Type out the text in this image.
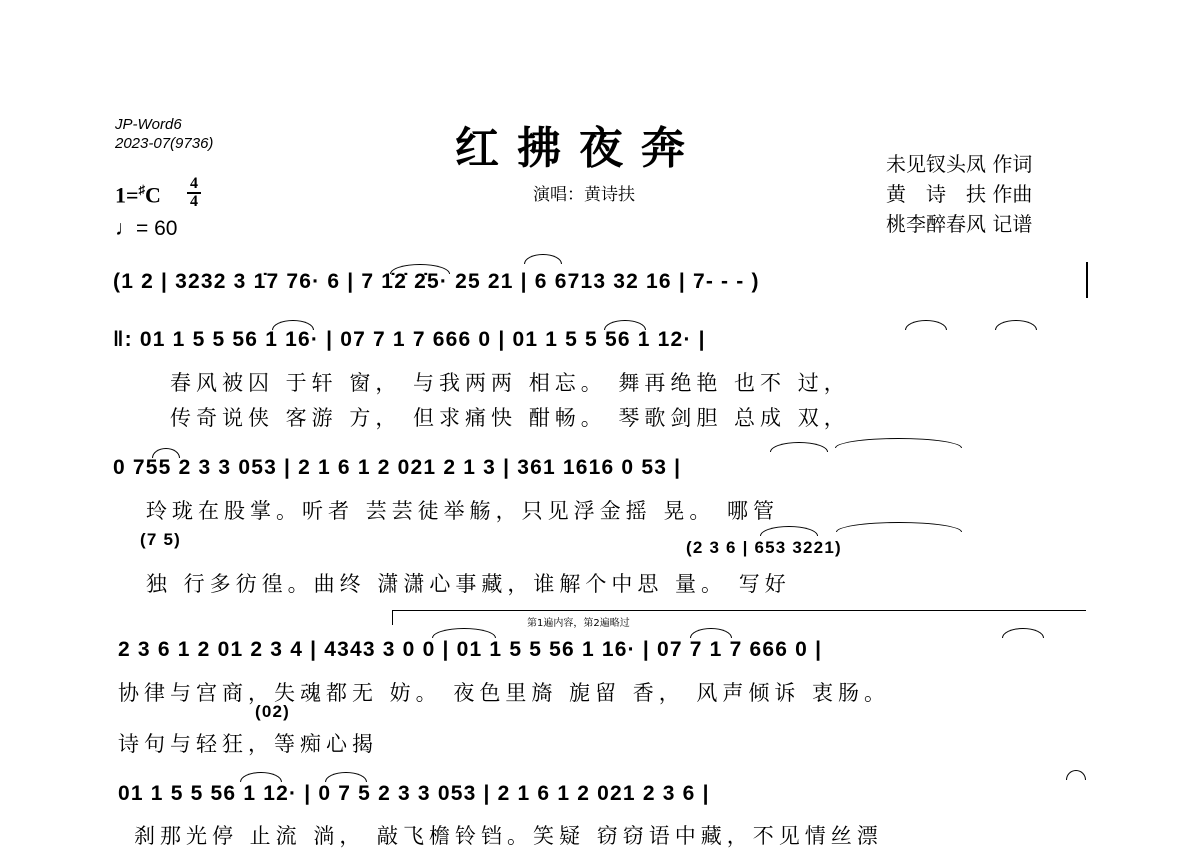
JP-Word6
2023-07(9736)	红拂夜奔
演唱：黄诗扶
未见钗头凤 作词
黄　诗　扶 作曲
桃李醉春风 记谱
1=♯C 4
4
♩= 60
(1 2 | 3232 3 1̇7 76· 6 | 7 1̇2̇ 2̇5· 25 21 | 6 6713 32 16 | 7- - - )
‖: 01 1 5 5 56 1 16· | 07 7 1 7 666 0 | 01 1 5 5 56 1 12· |
春风被囚 于轩 窗， 与我两两 相忘。 舞再绝艳 也不 过，
传奇说侠 客游 方， 但求痛快 酣畅。 琴歌剑胆 总成 双，
0 755 2 3 3 053 | 2 1 6 1 2 021 2 1 3 | 361 1616 0 53 |
玲珑在股掌。听者 芸芸徒举觞，只见浮金摇 晃。 哪管
(7 5)	(2 3 6 | 653 3221)
独 行多彷徨。曲终 潇潇心事藏，谁解个中思 量。 写好
第1遍内容，第2遍略过
2 3 6 1 2 01 2 3 4 | 4343 3 0 0 | 01 1 5 5 56 1 16· | 07 7 1 7 666 0 |
协律与宫商，失魂都无 妨。 夜色里旖 旎留 香， 风声倾诉 衷肠。
(02)
诗句与轻狂，等痴心揭
01 1 5 5 56 1 12· | 0 7 5 2 3 3 053 | 2 1 6 1 2 021 2 3 6 |
刹那光停 止流 淌， 敲飞檐铃铛。笑疑 窃窃语中藏，不见情丝漂
